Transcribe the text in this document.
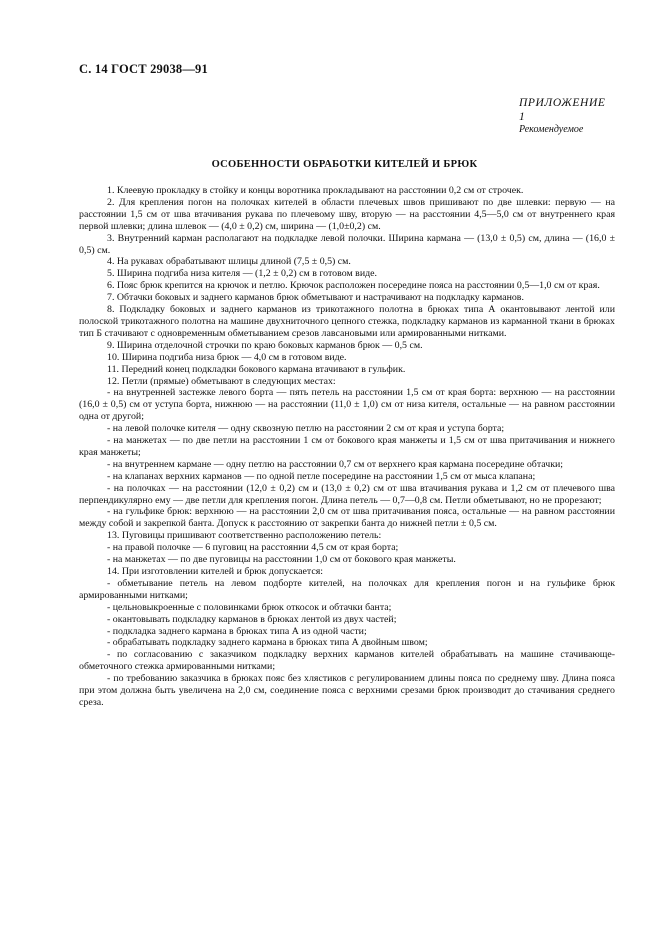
С. 14 ГОСТ 29038—91
ПРИЛОЖЕНИЕ 1
Рекомендуемое
ОСОБЕННОСТИ ОБРАБОТКИ КИТЕЛЕЙ И БРЮК

1. Клеевую прокладку в стойку и концы воротника прокладывают на расстоянии 0,2 см от строчек.

2. Для крепления погон на полочках кителей в области плечевых швов пришивают по две шлевки: первую — на расстоянии 1,5 см от шва втачивания рукава по плечевому шву, вторую — на расстоянии 4,5—5,0 см от внутреннего края первой шлевки; длина шлевок — (4,0 ± 0,2) см, ширина — (1,0±0,2) см.

3. Внутренний карман располагают на подкладке левой полочки. Ширина кармана — (13,0 ± 0,5) см, длина — (16,0 ± 0,5) см.

4. На рукавах обрабатывают шлицы длиной (7,5 ± 0,5) см.

5. Ширина подгиба низа кителя — (1,2 ± 0,2) см в готовом виде.

6. Пояс брюк крепится на крючок и петлю. Крючок расположен посередине пояса на расстоянии 0,5—1,0 см от края.

7. Обтачки боковых и заднего карманов брюк обметывают и настрачивают на подкладку карманов.

8. Подкладку боковых и заднего карманов из трикотажного полотна в брюках типа А окантовывают лентой или полоской трикотажного полотна на машине двухниточного цепного стежка, подкладку карманов из карманной ткани в брюках тип Б стачивают с одновременным обметыванием срезов лавсановыми или армированными нитками.

9. Ширина отделочной строчки по краю боковых карманов брюк — 0,5 см.

10. Ширина подгиба низа брюк — 4,0 см в готовом виде.

11. Передний конец подкладки бокового кармана втачивают в гульфик.

12. Петли (прямые) обметывают в следующих местах:

- на внутренней застежке левого борта — пять петель на расстоянии 1,5 см от края борта: верхнюю — на расстоянии (16,0 ± 0,5) см от уступа борта, нижнюю — на расстоянии (11,0 ± 1,0) см от низа кителя, остальные — на равном расстоянии одна от другой;

- на левой полочке кителя — одну сквозную петлю на расстоянии 2 см от края и уступа борта;

- на манжетах — по две петли на расстоянии 1 см от бокового края манжеты и 1,5 см от шва притачивания и нижнего края манжеты;

- на внутреннем кармане — одну петлю на расстоянии 0,7 см от верхнего края кармана посередине обтачки;

- на клапанах верхних карманов — по одной петле посередине на расстоянии 1,5 см от мыса клапана;

- на полочках — на расстоянии (12,0 ± 0,2) см и (13,0 ± 0,2) см от шва втачивания рукава и 1,2 см от плечевого шва перпендикулярно ему — две петли для крепления погон. Длина петель — 0,7—0,8 см. Петли обметывают, но не прорезают;

- на гульфике брюк: верхнюю — на расстоянии 2,0 см от шва притачивания пояса, остальные — на равном расстоянии между собой и закрепкой банта. Допуск к расстоянию от закрепки банта до нижней петли ± 0,5 см.

13. Пуговицы пришивают соответственно расположению петель:

- на правой полочке — 6 пуговиц на расстоянии 4,5 см от края борта;

- на манжетах — по две пуговицы на расстоянии 1,0 см от бокового края манжеты.

14. При изготовлении кителей и брюк допускается:

- обметывание петель на левом подборте кителей, на полочках для крепления погон и на гульфике брюк армированными нитками;

- цельновыкроенные с половинками брюк откосок и обтачки банта;

- окантовывать подкладку карманов в брюках лентой из двух частей;

- подкладка заднего кармана в брюках типа А из одной части;

- обрабатывать подкладку заднего кармана в брюках типа А двойным швом;

- по согласованию с заказчиком подкладку верхних карманов кителей обрабатывать на машине стачивающе-обметочного стежка армированными нитками;

- по требованию заказчика в брюках пояс без хлястиков с регулированием длины пояса по среднему шву. Длина пояса при этом должна быть увеличена на 2,0 см, соединение пояса с верхними срезами брюк производит до стачивания среднего среза.
